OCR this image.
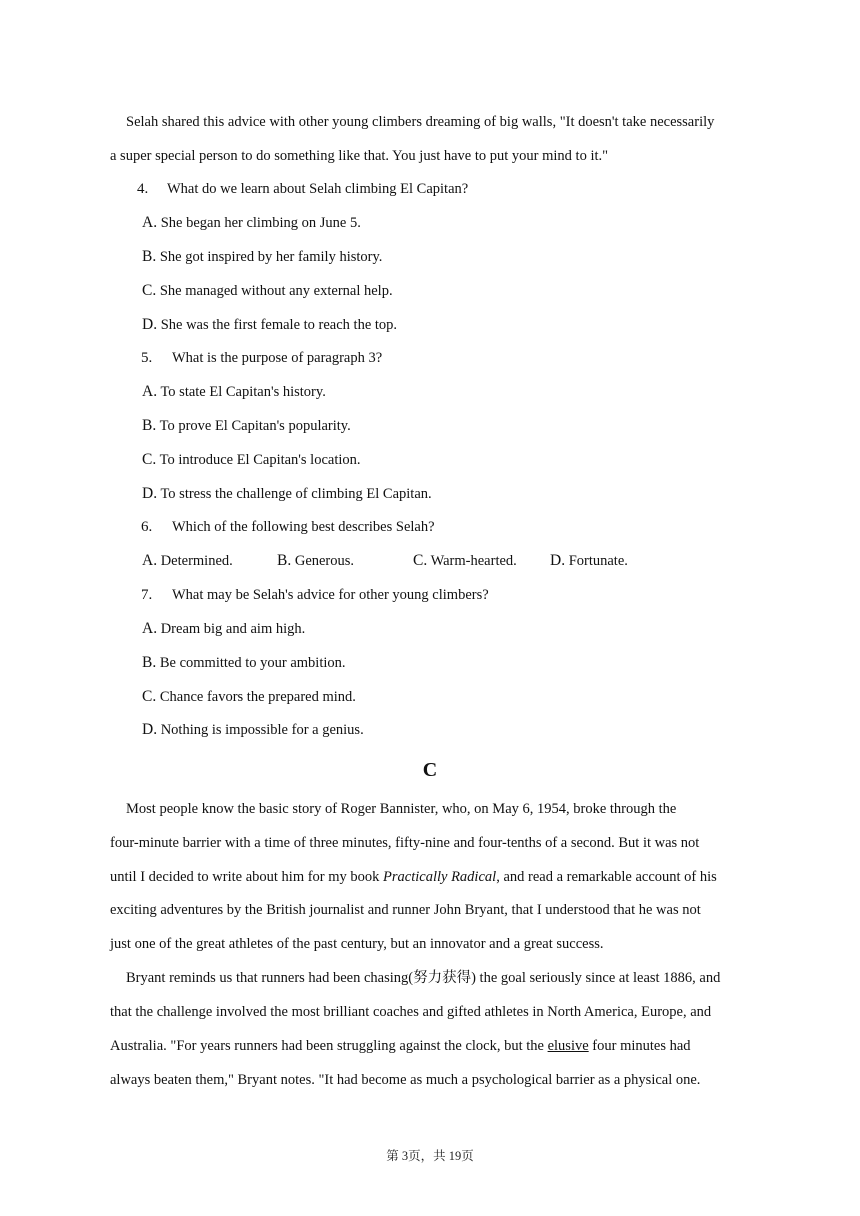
Selah shared this advice with other young climbers dreaming of big walls, "It doesn't take necessarily
a super special person to do something like that. You just have to put your mind to it."
4. What do we learn about Selah climbing El Capitan?
A. She began her climbing on June 5.
B. She got inspired by her family history.
C. She managed without any external help.
D. She was the first female to reach the top.
5. What is the purpose of paragraph 3?
A. To state El Capitan's history.
B. To prove El Capitan's popularity.
C. To introduce El Capitan's location.
D. To stress the challenge of climbing El Capitan.
6. Which of the following best describes Selah?
A. Determined.	B. Generous.	C. Warm-hearted. D. Fortunate.
7. What may be Selah's advice for other young climbers?
A. Dream big and aim high.
B. Be committed to your ambition.
C. Chance favors the prepared mind.
D. Nothing is impossible for a genius.
C
Most people know the basic story of Roger Bannister, who, on May 6, 1954, broke through the
four-minute barrier with a time of three minutes, fifty-nine and four-tenths of a second. But it was not
until I decided to write about him for my book Practically Radical, and read a remarkable account of his
exciting adventures by the British journalist and runner John Bryant, that I understood that he was not
just one of the great athletes of the past century, but an innovator and a great success.
Bryant reminds us that runners had been chasing(努力获得) the goal seriously since at least 1886, and
that the challenge involved the most brilliant coaches and gifted athletes in North America, Europe, and
Australia. "For years runners had been struggling against the clock, but the elusive four minutes had
always beaten them," Bryant notes. "It had become as much a psychological barrier as a physical one.
第 3页，共 19页
